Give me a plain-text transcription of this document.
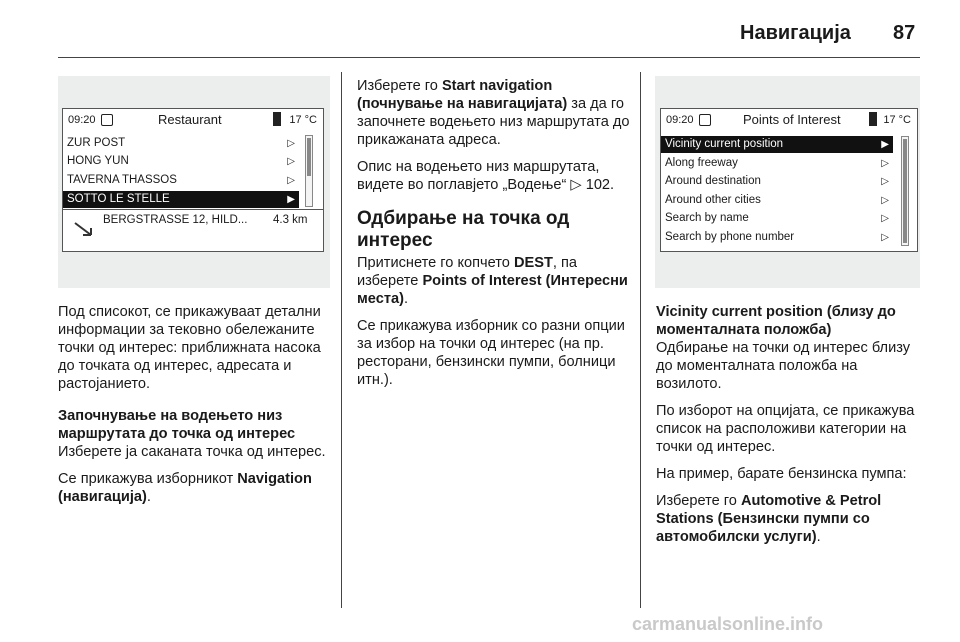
Навигација 87
09:20	Restaurant	17 °C
ZUR POST	▷
HONG YUN	▷
TAVERNA THASSOS	▷
SOTTO LE STELLE	▶
BERGSTRASSE 12, HILD... 4.3 km
09:20	Points of Interest	17 °C
Vicinity current position	▶
Along freeway	▷
Around destination	▷
Around other cities	▷
Search by name	▷
Search by phone number	▷

Под списокот, се прикажуваат детални информации за тековно обележаните точки од интерес: приближната насока до точката од интерес, адресата и растојанието.

Започнување на водењето низ маршрутата до точка од интерес

Изберете ја саканата точка од интерес.

Се прикажува изборникот Navigation (навигација).

Изберете го Start navigation (почнување на навигацијата) за да го започнете водењето низ маршрутата до прикажаната адреса.

Опис на водењето низ маршрутата, видете во поглавјето „Водење“ ▷ 102.

Одбирање на точка од интерес

Притиснете го копчето DEST, па изберете Points of Interest (Интересни места).

Се прикажува изборник со разни опции за избор на точки од интерес (на пр. ресторани, бензински пумпи, болници итн.).

Vicinity current position (близу до моменталната положба)

Одбирање на точки од интерес близу до моменталната положба на возилото.

По изборот на опцијата, се прикажува список на расположиви категории на точки од интерес.

На пример, барате бензинска пумпа:

Изберете го Automotive & Petrol Stations (Бензински пумпи со автомобилски услуги).

carmanualsonline.info
